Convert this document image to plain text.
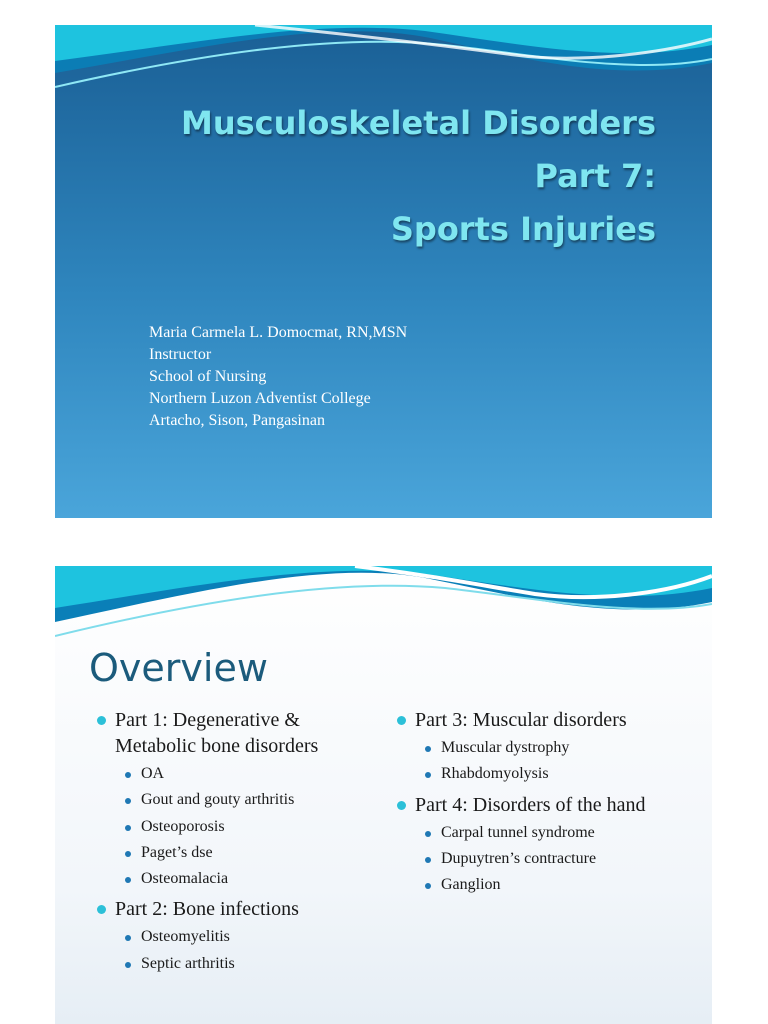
Musculoskeletal Disorders
Part 7:
Sports Injuries
Maria Carmela L. Domocmat, RN,MSN
Instructor
School of Nursing
Northern Luzon Adventist College
Artacho, Sison, Pangasinan
Overview
Part 1: Degenerative & Metabolic bone disorders
OA
Gout and gouty arthritis
Osteoporosis
Paget’s dse
Osteomalacia
Part 2: Bone infections
Osteomyelitis
Septic arthritis
Part 3: Muscular disorders
Muscular dystrophy
Rhabdomyolysis
Part 4: Disorders of the hand
Carpal tunnel syndrome
Dupuytren’s contracture
Ganglion
